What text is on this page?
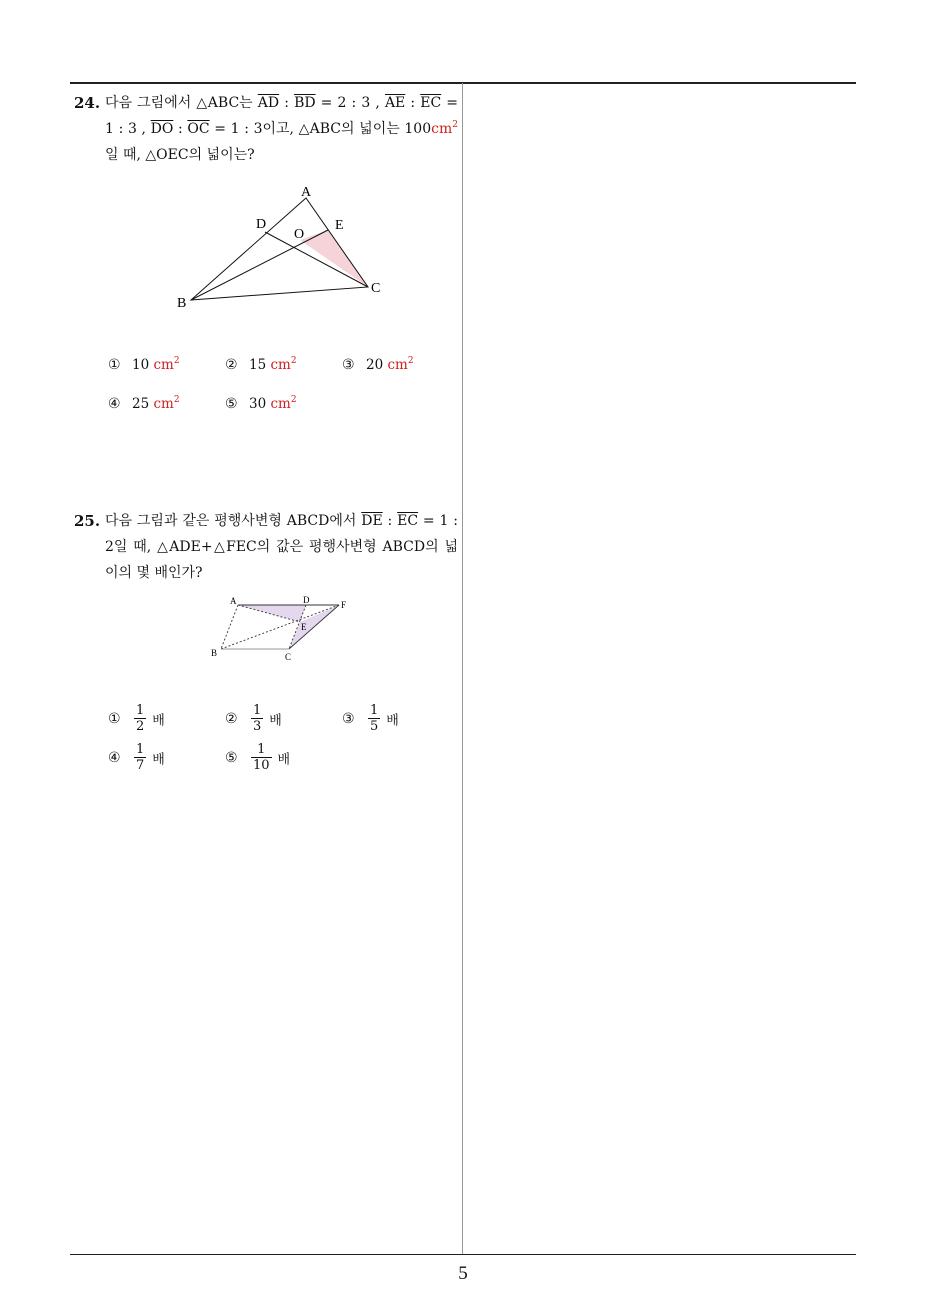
24. 다음 그림에서 △ABC는 $\overline{AD}$ : $\overline{BD} = 2$ : 3 , $\overline{AE}$ : $\overline{EC} = 1$ : 3 , $\overline{DO}$ : $\overline{OC} = 1$ : 3이고, △ABC의 넓이는 $100cm^2$일 때, △OEC의 넓이는?
A
B
C
D	E
O
① 10 $cm^2$	② 15 $cm^2$	③ 20 $cm^2$
④ 25 $cm^2$	⑤ 30 $cm^2$
25. 다음 그림과 같은 평행사변형 ABCD에서 $\overline{DE}$ : $\overline{EC} = 1$ : 2일 때, △ADE+△FEC의 값은 평행사변형 ABCD의 넓이의 몇 배인가?
A	D	F
E
B	C
① $\frac{1}{2}$ 배	② $\frac{1}{3}$ 배	③ $\frac{1}{5}$ 배
④ $\frac{1}{7}$ 배	⑤ $\frac{1}{10}$ 배
5
